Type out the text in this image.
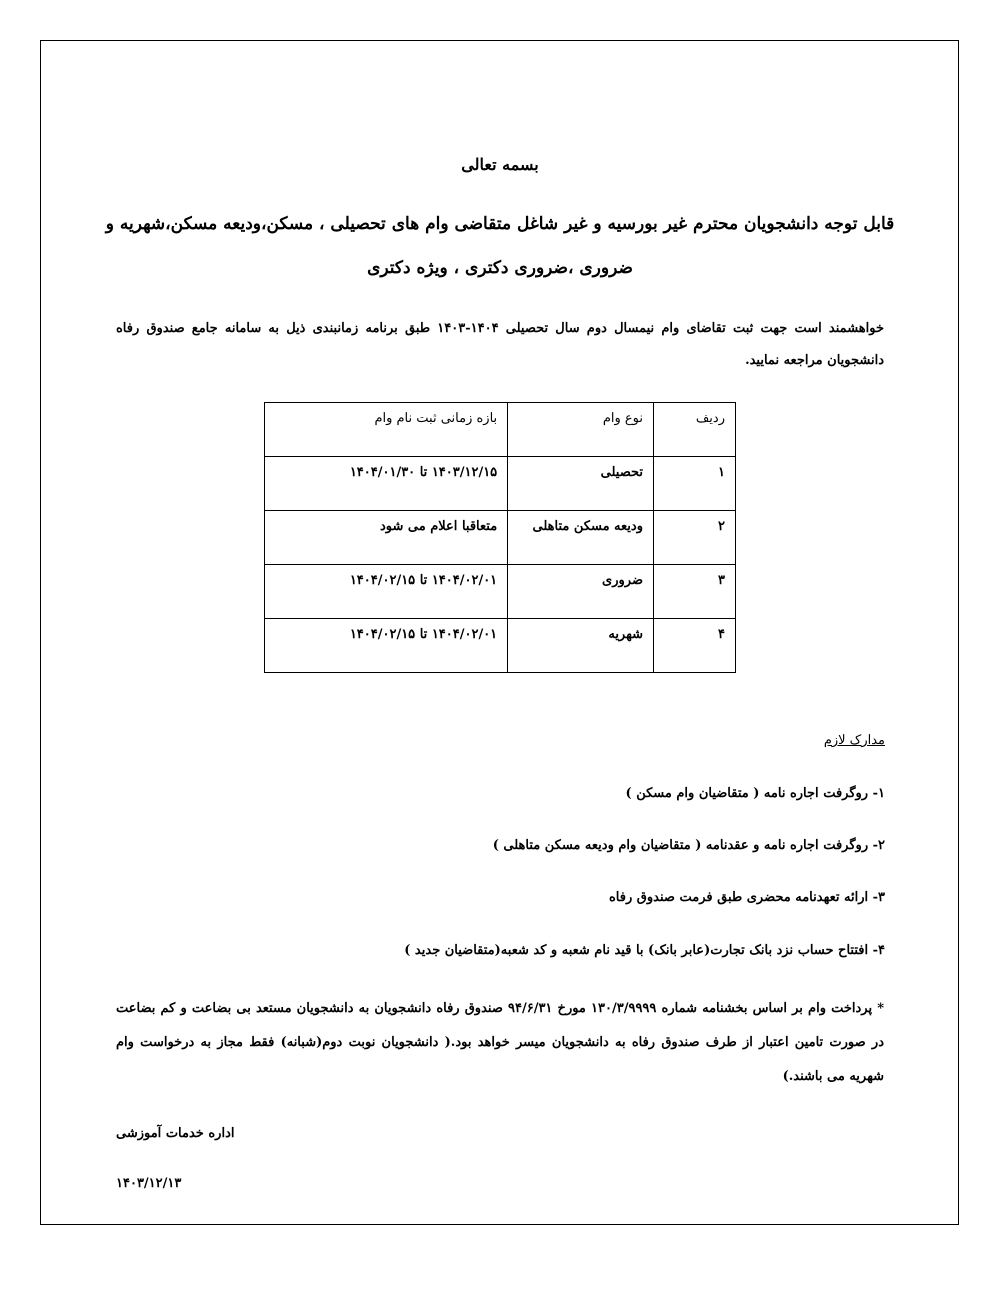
بسمه تعالی
قابل توجه دانشجویان محترم غیر بورسیه و غیر شاغل متقاضی وام های تحصیلی ، مسکن،ودیعه مسکن،شهریه و
ضروری ،ضروری دکتری ، ویژه دکتری
خواهشمند است جهت ثبت تقاضای وام نیمسال دوم سال تحصیلی ۱۴۰۴-۱۴۰۳ طبق برنامه زمانبندی ذیل به سامانه جامع صندوق رفاه دانشجویان مراجعه نمایید.
ردیف	نوع وام	بازه زمانی ثبت نام وام
۱	تحصیلی	۱۴۰۳/۱۲/۱۵ تا ۱۴۰۴/۰۱/۳۰
۲	ودیعه مسکن متاهلی	متعاقبا اعلام می شود
۳	ضروری	۱۴۰۴/۰۲/۰۱ تا ۱۴۰۴/۰۲/۱۵
۴	شهریه	۱۴۰۴/۰۲/۰۱ تا ۱۴۰۴/۰۲/۱۵
مدارک لازم
۱- روگرفت اجاره نامه ( متقاضیان وام مسکن )
۲- روگرفت اجاره نامه و عقدنامه ( متقاضیان وام ودیعه مسکن متاهلی )
۳- ارائه تعهدنامه محضری طبق فرمت صندوق رفاه
۴- افتتاح حساب نزد بانک تجارت(عابر بانک) با قید نام شعبه و کد شعبه(متقاضیان جدید )
* پرداخت وام بر اساس بخشنامه شماره ۱۳۰/۳/۹۹۹۹ مورخ ۹۴/۶/۳۱ صندوق رفاه دانشجویان به دانشجویان مستعد بی بضاعت و کم بضاعت در صورت تامین اعتبار از طرف صندوق رفاه به دانشجویان میسر خواهد بود.( دانشجویان نوبت دوم(شبانه) فقط مجاز به درخواست وام شهریه می باشند.)
اداره خدمات آموزشی
۱۴۰۳/۱۲/۱۳
